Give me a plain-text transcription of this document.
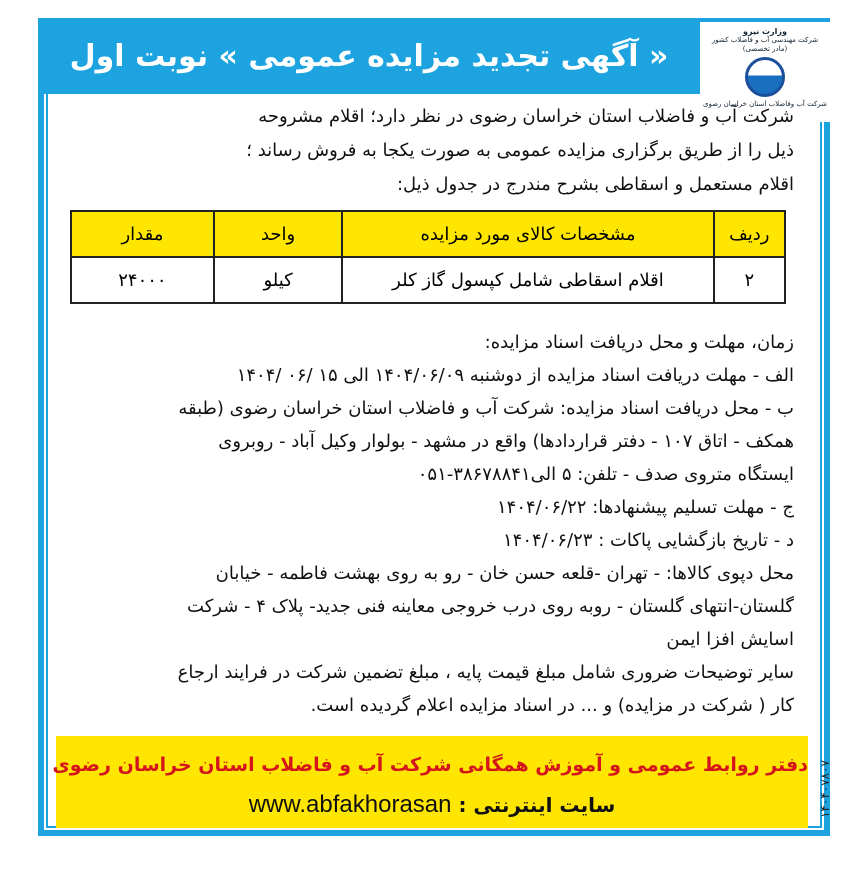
« آگهی تجدید مزایده عمومی » نوبت اول
وزارت نیرو
شرکت مهندسی آب و فاضلاب کشور
(مادر تخصصی)
شرکت آب وفاضلاب استان خراسان رضوی
شرکت آب و فاضلاب استان خراسان رضوی در نظر دارد؛ اقلام مشروحه
ذیل را از طریق برگزاری مزایده عمومی به صورت یکجا به فروش رساند ؛
اقلام مستعمل و اسقاطی بشرح مندرج در جدول ذیل:
ردیف	مشخصات کالای مورد مزایده	واحد	مقدار
۲	اقلام اسقاطی شامل کپسول گاز کلر	کیلو	۲۴۰۰۰
زمان، مهلت و محل دریافت اسناد مزایده:
الف - مهلت دریافت اسناد مزایده از دوشنبه ۱۴۰۴/۰۶/۰۹ الی ۱۵ /۰۶ /۱۴۰۴
ب - محل دریافت اسناد مزایده: شرکت آب و فاضلاب استان خراسان رضوی (طبقه
همکف - اتاق ۱۰۷ - دفتر قراردادها) واقع در مشهد - بولوار وکیل آباد - روبروی
ایستگاه متروی صدف - تلفن: ۵ الی۳۸۶۷۸۸۴۱-۰۵۱
ج - مهلت تسلیم پیشنهادها: ۱۴۰۴/۰۶/۲۲
د - تاریخ بازگشایی پاکات : ۱۴۰۴/۰۶/۲۳
محل دپوی کالاها: - تهران -قلعه حسن خان - رو به روی بهشت فاطمه - خیابان
گلستان-انتهای گلستان - روبه روی درب خروجی معاینه فنی جدید- پلاک ۴ - شرکت
اسایش افزا ایمن
سایر توضیحات ضروری شامل مبلغ قیمت پایه ، مبلغ تضمین شرکت در فرایند ارجاع
کار ( شرکت در مزایده) و ... در اسناد مزایده اعلام گردیده است.
دفتر روابط عمومی و آموزش همگانی شرکت آب و فاضلاب استان خراسان رضوی
سایت اینترنتی : www.abfakhorasan	۱۴۰۴۰۷۸۰۷
